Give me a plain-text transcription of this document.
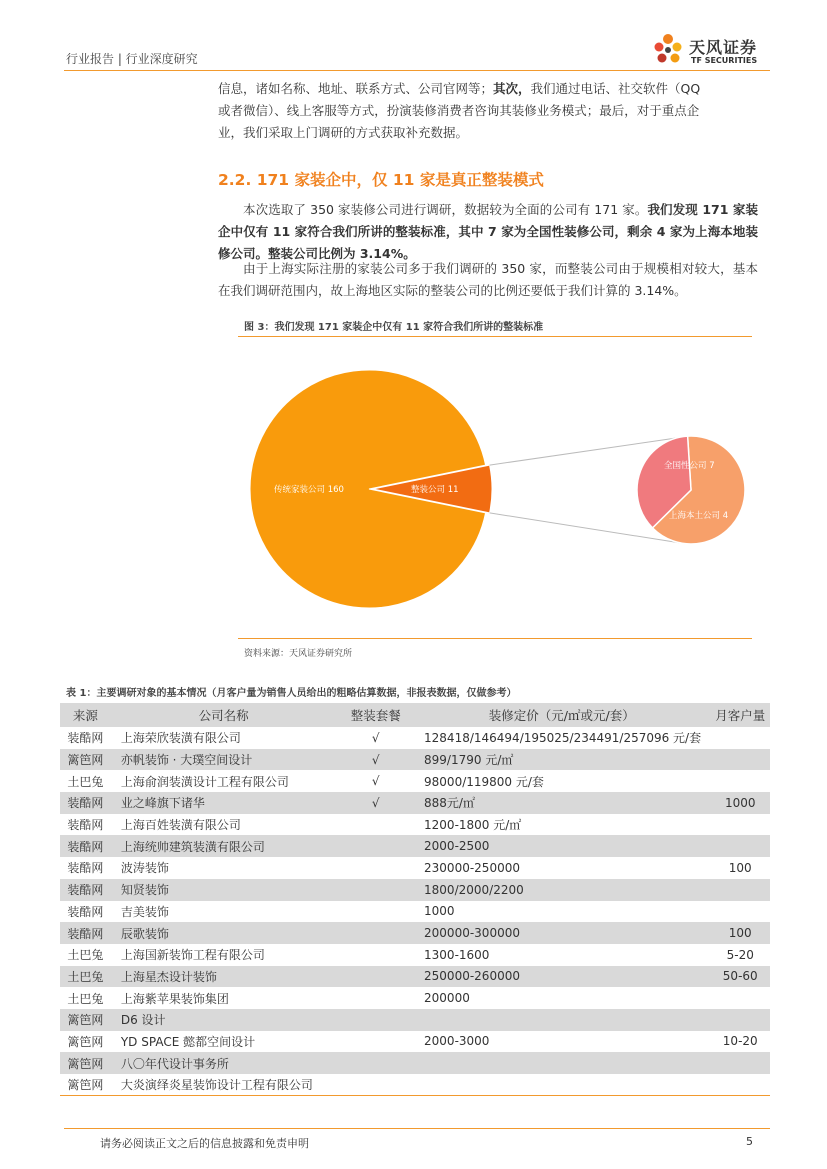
行业报告 | 行业深度研究
天风证券
TF SECURITIES
信息，诸如名称、地址、联系方式、公司官网等；其次，我们通过电话、社交软件（QQ
或者微信）、线上客服等方式，扮演装修消费者咨询其装修业务模式；最后，对于重点企
业，我们采取上门调研的方式获取补充数据。
2.2. 171 家装企中，仅 11 家是真正整装模式
本次选取了 350 家装修公司进行调研，数据较为全面的公司有 171 家。我们发现 171 家装企中仅有 11 家符合我们所讲的整装标准，其中 7 家为全国性装修公司，剩余 4 家为上海本地装修公司。整装公司比例为 3.14%。
由于上海实际注册的家装公司多于我们调研的 350 家，而整装公司由于规模相对较大，基本在我们调研范围内，故上海地区实际的整装公司的比例还要低于我们计算的 3.14%。
图 3：我们发现 171 家装企中仅有 11 家符合我们所讲的整装标准
传统家装公司 160	整装公司 11
全国性公司 7
上海本土公司 4
资料来源：天风证券研究所
表 1：主要调研对象的基本情况（月客户量为销售人员给出的粗略估算数据，非报表数据，仅做参考）
来源	公司名称	整装套餐	装修定价（元/㎡或元/套）	月客户量
装酷网	上海荣欣装潢有限公司	√	128418/146494/195025/234491/257096 元/套	
篱笆网	亦帆装饰 · 大璞空间设计	√	899/1790 元/㎡	
土巴兔	上海俞润装潢设计工程有限公司	√	98000/119800 元/套	
装酷网	业之峰旗下诸华	√	888元/㎡	1000
装酷网	上海百姓装潢有限公司		1200-1800 元/㎡	
装酷网	上海统帅建筑装潢有限公司		2000-2500	
装酷网	波涛装饰		230000-250000	100
装酷网	知贤装饰		1800/2000/2200	
装酷网	吉美装饰		1000	
装酷网	辰歌装饰		200000-300000	100
土巴兔	上海国新装饰工程有限公司		1300-1600	5-20
土巴兔	上海星杰设计装饰		250000-260000	50-60
土巴兔	上海紫苹果装饰集团		200000	
篱笆网	D6 设计			
篱笆网	YD SPACE 懿都空间设计		2000-3000	10-20
篱笆网	八〇年代设计事务所			
篱笆网	大炎演绎炎星装饰设计工程有限公司			
请务必阅读正文之后的信息披露和免责申明	5
